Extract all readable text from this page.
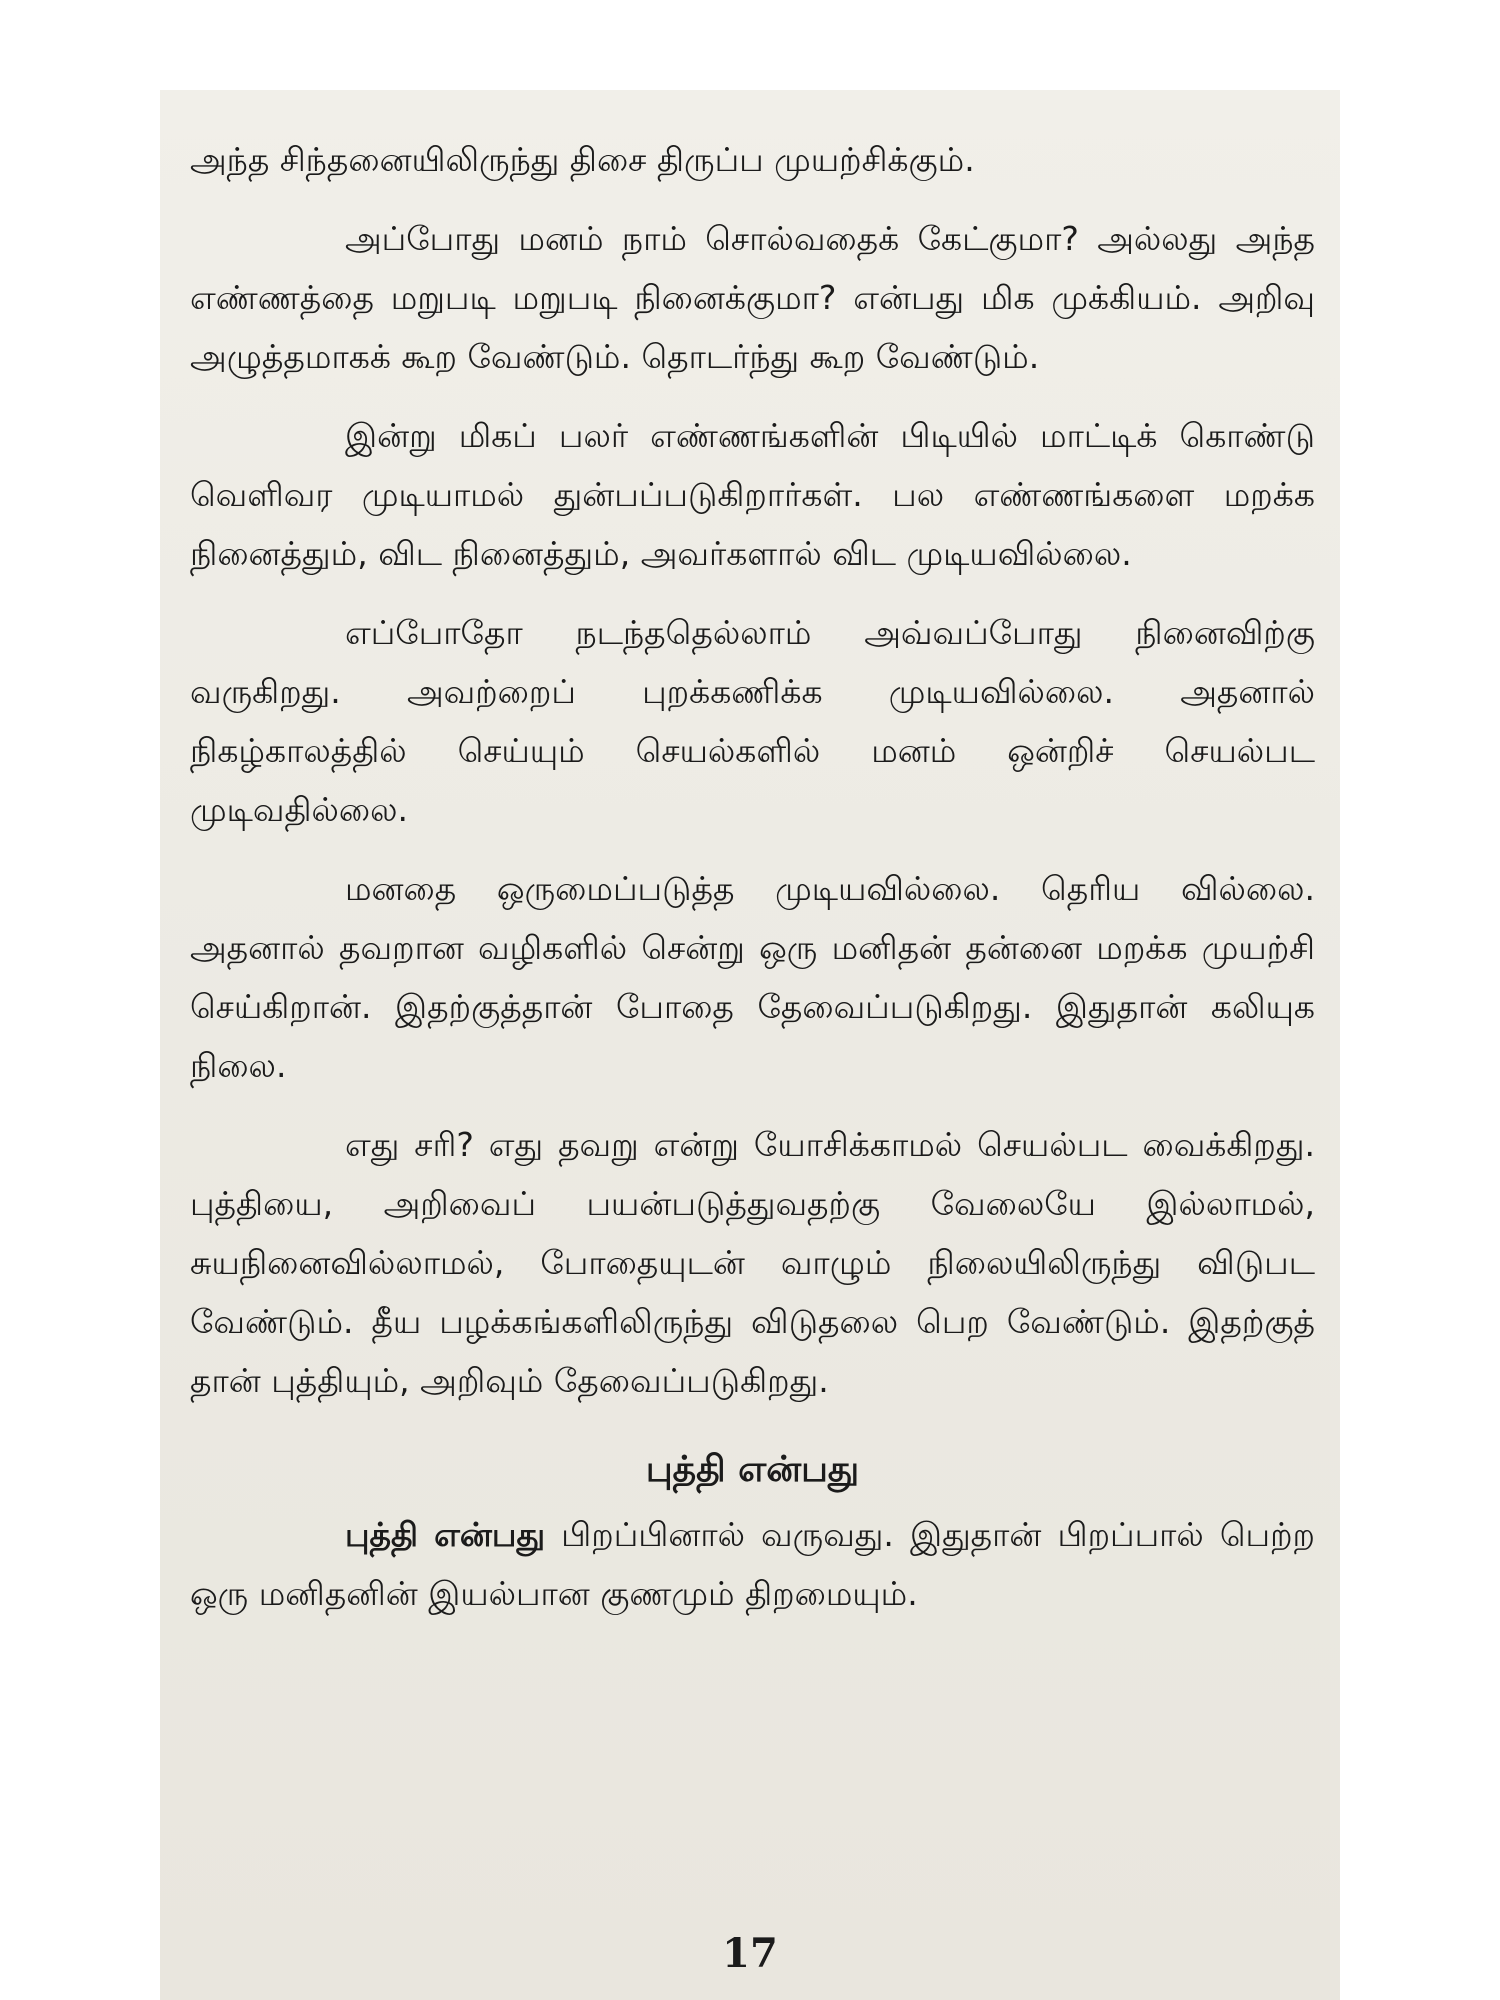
அந்த சிந்தனையிலிருந்து திசை திருப்ப முயற்சிக்கும்.

அப்போது மனம் நாம் சொல்வதைக் கேட்குமா? அல்லது அந்த எண்ணத்தை மறுபடி மறுபடி நினைக்குமா? என்பது மிக முக்கியம். அறிவு அழுத்தமாகக் கூற வேண்டும். தொடர்ந்து கூற வேண்டும்.

இன்று மிகப் பலர் எண்ணங்களின் பிடியில் மாட்டிக் கொண்டு வெளிவர முடியாமல் துன்பப்படுகிறார்கள். பல எண்ணங்களை மறக்க நினைத்தும், விட நினைத்தும், அவர்களால் விட முடியவில்லை.

எப்போதோ நடந்ததெல்லாம் அவ்வப்போது நினைவிற்கு வருகிறது. அவற்றைப் புறக்கணிக்க முடியவில்லை. அதனால் நிகழ்காலத்தில் செய்யும் செயல்களில் மனம் ஒன்றிச் செயல்பட முடிவதில்லை.

மனதை ஒருமைப்படுத்த முடியவில்லை. தெரிய வில்லை. அதனால் தவறான வழிகளில் சென்று ஒரு மனிதன் தன்னை மறக்க முயற்சி செய்கிறான். இதற்குத்தான் போதை தேவைப்படுகிறது. இதுதான் கலியுக நிலை.

எது சரி? எது தவறு என்று யோசிக்காமல் செயல்பட வைக்கிறது. புத்தியை, அறிவைப் பயன்படுத்துவதற்கு வேலையே இல்லாமல், சுயநினைவில்லாமல், போதையுடன் வாழும் நிலையிலிருந்து விடுபட வேண்டும். தீய பழக்கங்களிலிருந்து விடுதலை பெற வேண்டும். இதற்குத் தான் புத்தியும், அறிவும் தேவைப்படுகிறது.

புத்தி என்பது

புத்தி என்பது பிறப்பினால் வருவது. இதுதான் பிறப்பால் பெற்ற ஒரு மனிதனின் இயல்பான குணமும் திறமையும்.

17
